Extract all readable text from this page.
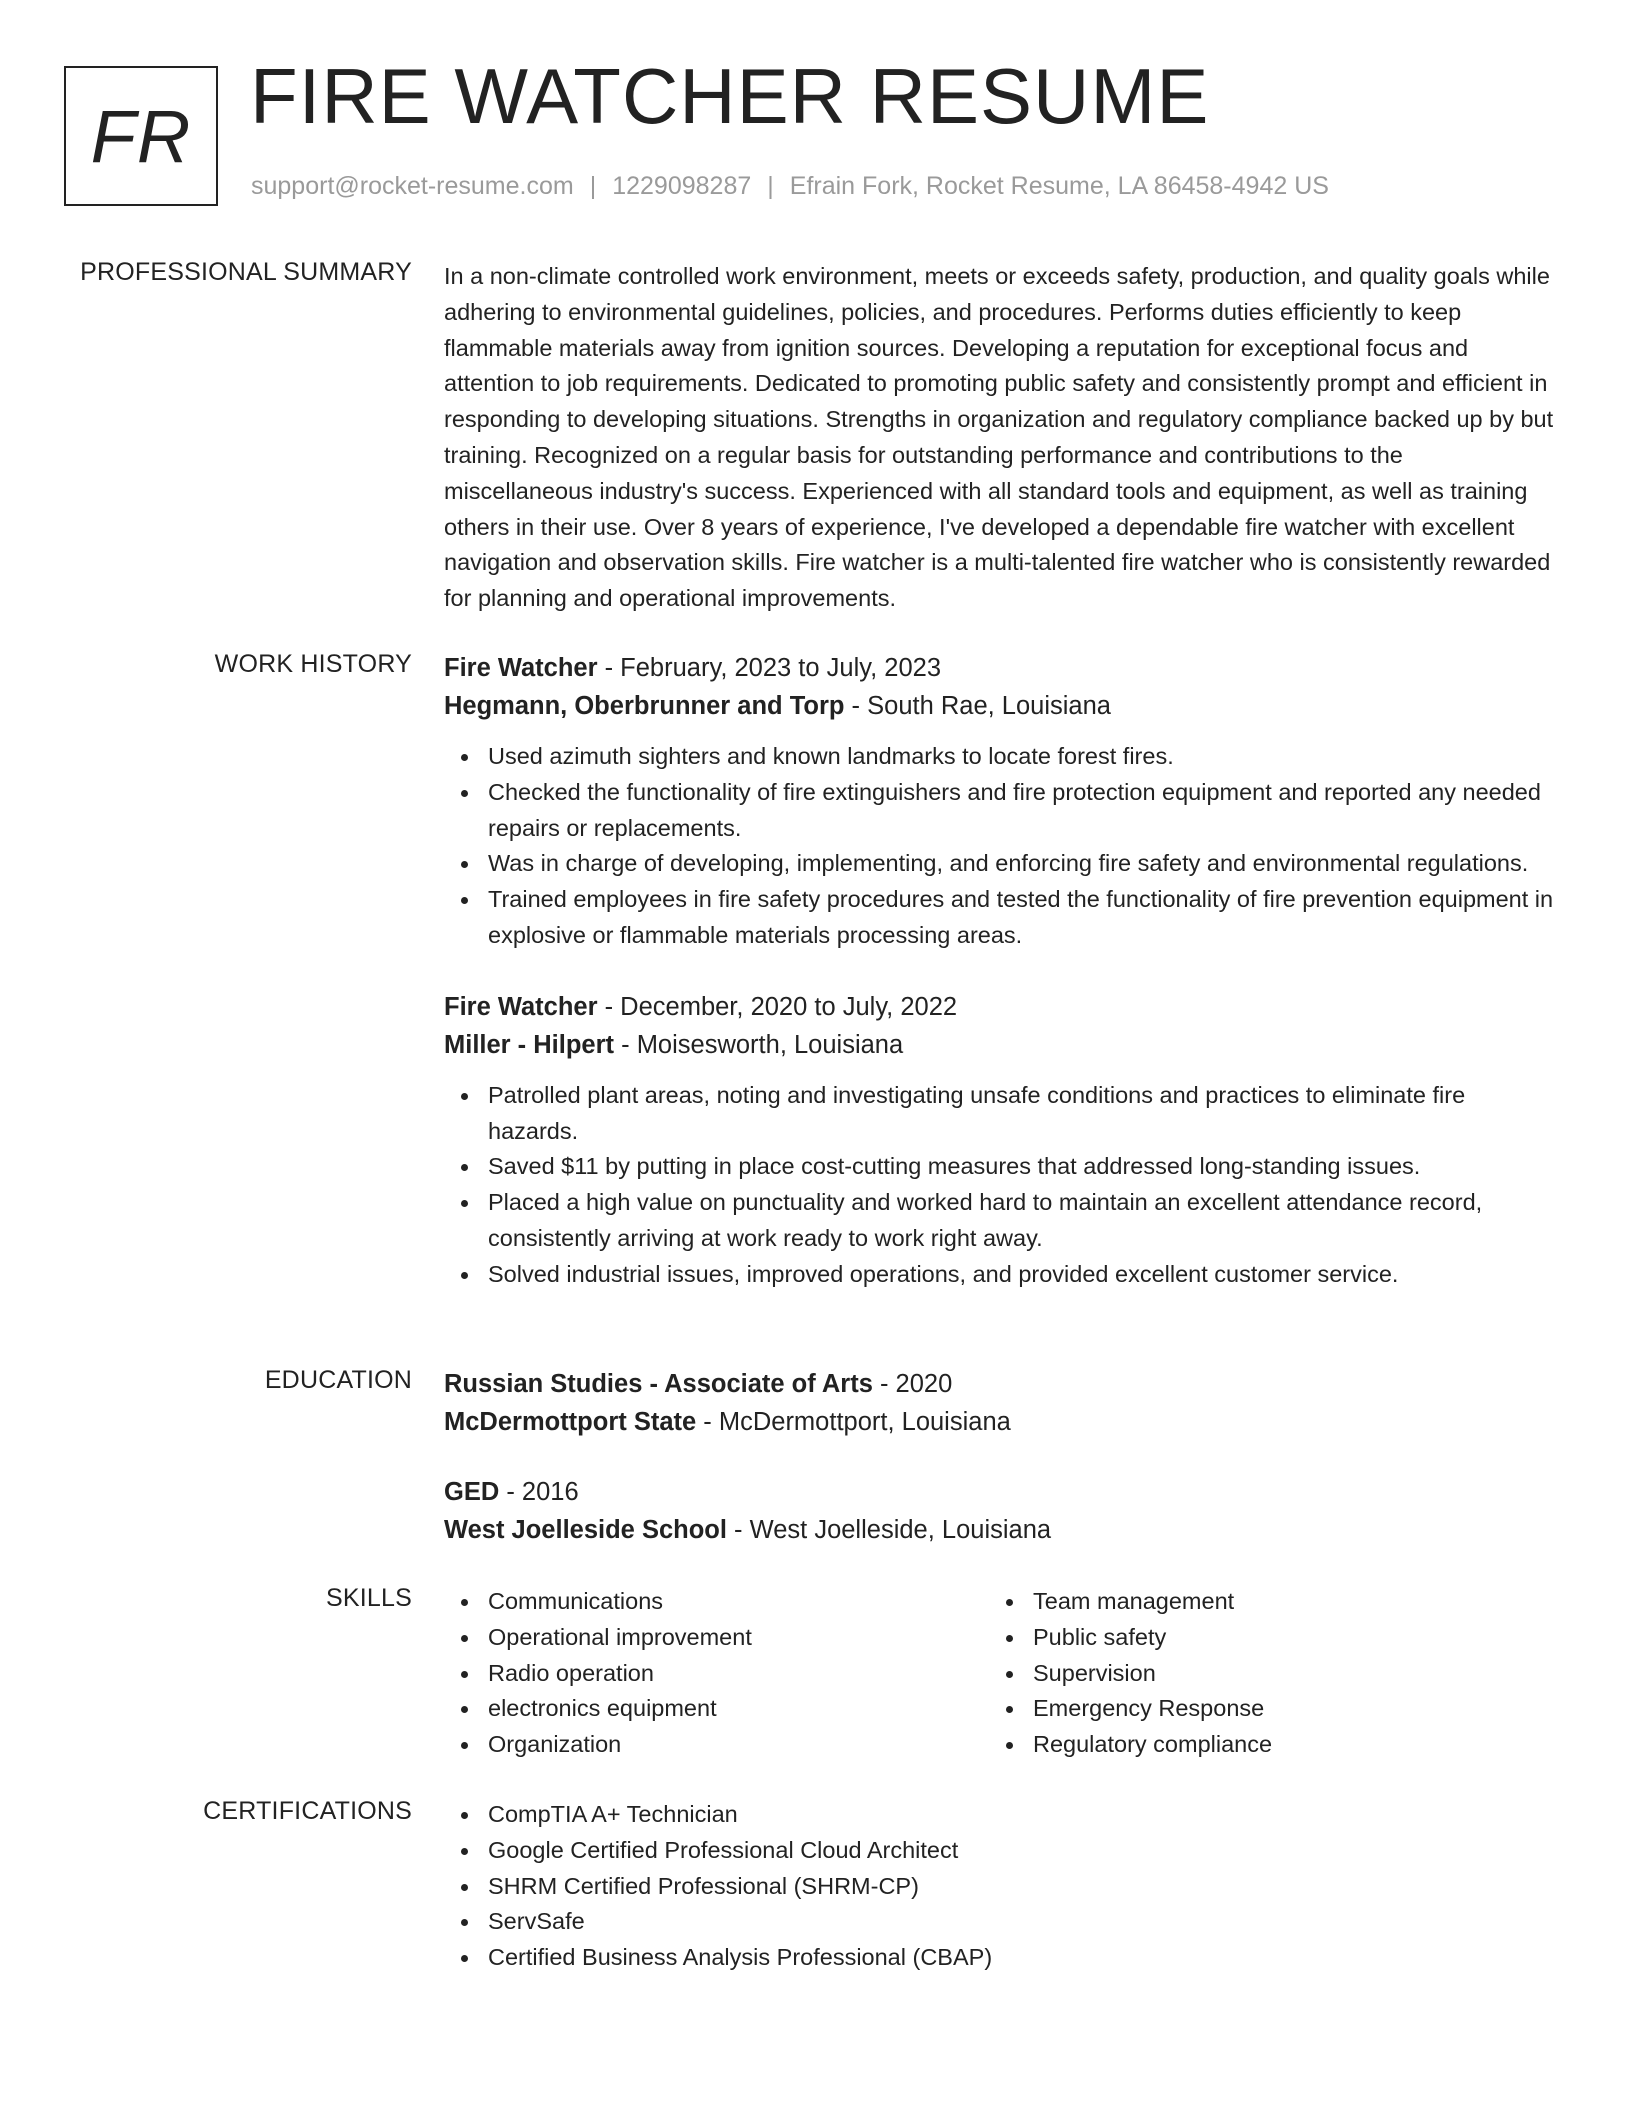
FR FIRE WATCHER RESUME
support@rocket-resume.com | 1229098287 | Efrain Fork, Rocket Resume, LA 86458-4942 US
PROFESSIONAL SUMMARY In a non-climate controlled work environment, meets or exceeds safety, production, and quality goals while adhering to environmental guidelines, policies, and procedures. Performs duties efficiently to keep flammable materials away from ignition sources. Developing a reputation for exceptional focus and attention to job requirements. Dedicated to promoting public safety and consistently prompt and efficient in responding to developing situations. Strengths in organization and regulatory compliance backed up by but training. Recognized on a regular basis for outstanding performance and contributions to the miscellaneous industry's success. Experienced with all standard tools and equipment, as well as training others in their use. Over 8 years of experience, I've developed a dependable fire watcher with excellent navigation and observation skills. Fire watcher is a multi-talented fire watcher who is consistently rewarded for planning and operational improvements.

WORK HISTORY Fire Watcher - February, 2023 to July, 2023

Hegmann, Oberbrunner and Torp - South Rae, Louisiana

Used azimuth sighters and known landmarks to locate forest fires.
Checked the functionality of fire extinguishers and fire protection equipment and reported any needed repairs or replacements.
Was in charge of developing, implementing, and enforcing fire safety and environmental regulations.
Trained employees in fire safety procedures and tested the functionality of fire prevention equipment in explosive or flammable materials processing areas.

Fire Watcher - December, 2020 to July, 2022

Miller - Hilpert - Moisesworth, Louisiana

Patrolled plant areas, noting and investigating unsafe conditions and practices to eliminate fire hazards.
Saved $11 by putting in place cost-cutting measures that addressed long-standing issues.
Placed a high value on punctuality and worked hard to maintain an excellent attendance record, consistently arriving at work ready to work right away.
Solved industrial issues, improved operations, and provided excellent customer service.
EDUCATION Russian Studies - Associate of Arts - 2020

McDermottport State - McDermottport, Louisiana

GED - 2016

West Joelleside School - West Joelleside, Louisiana

SKILLS	Communications
Operational improvement
Radio operation
electronics equipment
Organization
Team management
Public safety
Supervision
Emergency Response
Regulatory compliance
CERTIFICATIONS	CompTIA A+ Technician
Google Certified Professional Cloud Architect
SHRM Certified Professional (SHRM-CP)
ServSafe
Certified Business Analysis Professional (CBAP)
